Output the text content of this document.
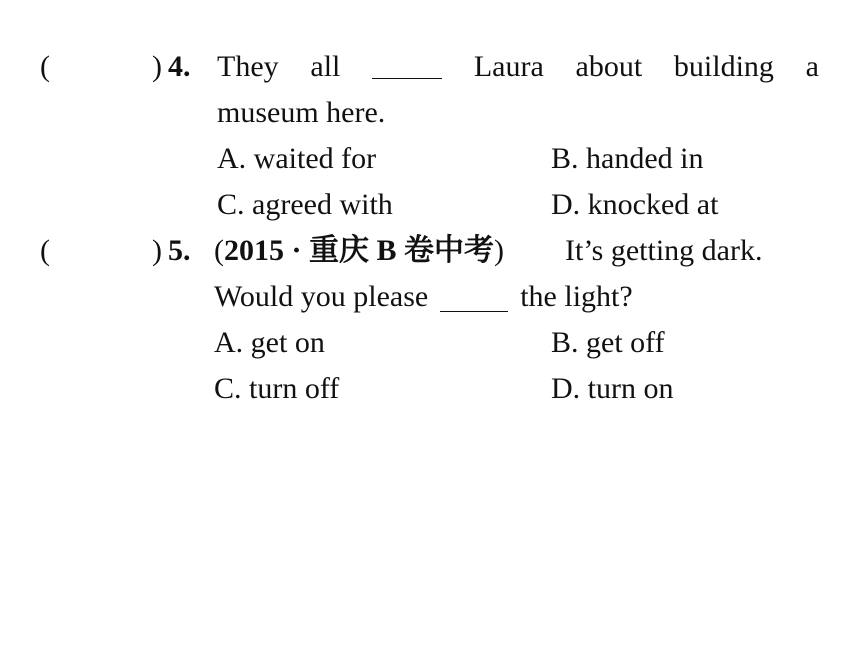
(	) 4. They all	Laura about building a
museum here.
A. waited for	B. handed in
C. agreed with	D. knocked at
(	) 5. (2015 · 重庆 B 卷中考) It’s getting dark.
Would you please	the light?
A. get on	B. get off
C. turn off	D. turn on
